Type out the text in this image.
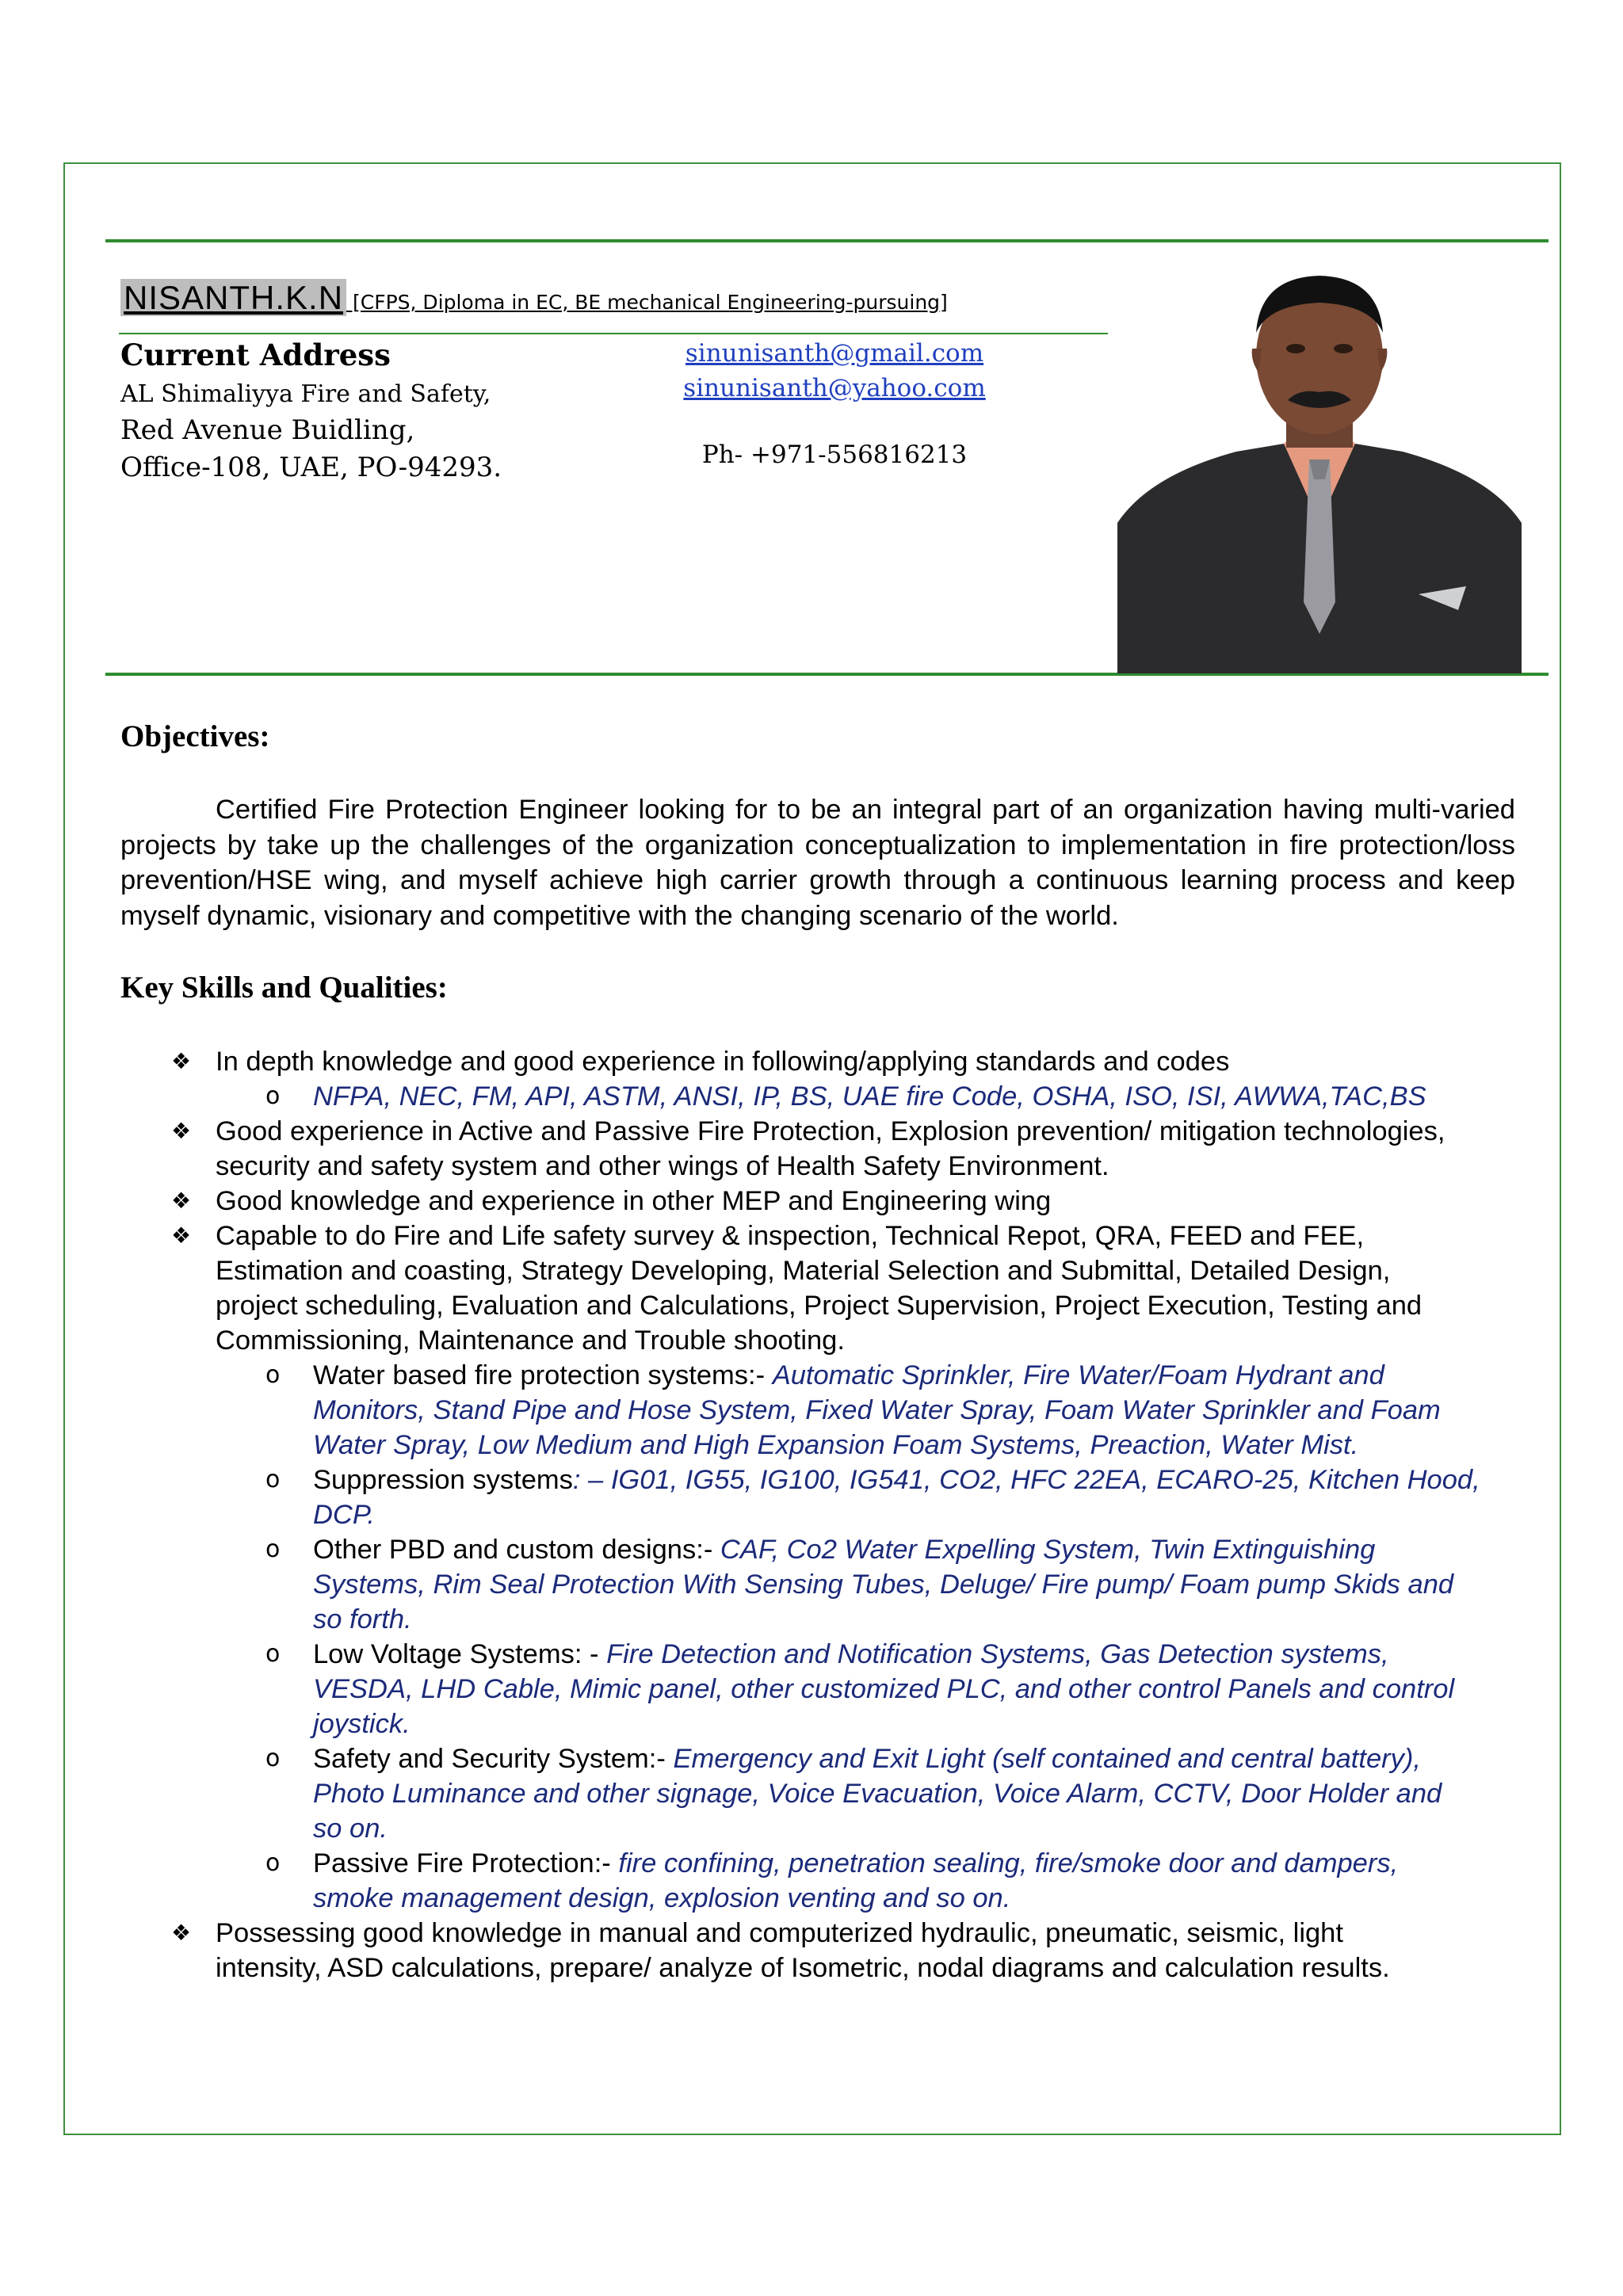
NISANTH.K.N [CFPS, Diploma in EC, BE mechanical Engineering-pursuing]
Current Address
AL Shimaliyya Fire and Safety,
Red Avenue Buidling,
Office-108, UAE, PO-94293.
sinunisanth@gmail.com
sinunisanth@yahoo.com
Ph- +971-556816213
Objectives:
Certified Fire Protection Engineer looking for to be an integral part of an organization having multi-varied projects by take up the challenges of the organization conceptualization to implementation in fire protection/loss prevention/HSE wing, and myself achieve high carrier growth through a continuous learning process and keep myself dynamic, visionary and competitive with the changing scenario of the world.
Key Skills and Qualities:
❖ In depth knowledge and good experience in following/applying standards and codes
o NFPA, NEC, FM, API, ASTM, ANSI, IP, BS, UAE fire Code, OSHA, ISO, ISI, AWWA,TAC,BS
❖ Good experience in Active and Passive Fire Protection, Explosion prevention/ mitigation technologies,
security and safety system and other wings of Health Safety Environment.
❖ Good knowledge and experience in other MEP and Engineering wing
❖ Capable to do Fire and Life safety survey & inspection, Technical Repot, QRA, FEED and FEE,
Estimation and coasting, Strategy Developing, Material Selection and Submittal, Detailed Design,
project scheduling, Evaluation and Calculations, Project Supervision, Project Execution, Testing and
Commissioning, Maintenance and Trouble shooting.
o Water based fire protection systems:- Automatic Sprinkler, Fire Water/Foam Hydrant and
Monitors, Stand Pipe and Hose System, Fixed Water Spray, Foam Water Sprinkler and Foam
Water Spray, Low Medium and High Expansion Foam Systems, Preaction, Water Mist.
o Suppression systems: – IG01, IG55, IG100, IG541, CO2, HFC 22EA, ECARO-25, Kitchen Hood,
DCP.
o Other PBD and custom designs:- CAF, Co2 Water Expelling System, Twin Extinguishing
Systems, Rim Seal Protection With Sensing Tubes, Deluge/ Fire pump/ Foam pump Skids and
so forth.
o Low Voltage Systems: - Fire Detection and Notification Systems, Gas Detection systems,
VESDA, LHD Cable, Mimic panel, other customized PLC, and other control Panels and control
joystick.
o Safety and Security System:- Emergency and Exit Light (self contained and central battery),
Photo Luminance and other signage, Voice Evacuation, Voice Alarm, CCTV, Door Holder and
so on.
o Passive Fire Protection:- fire confining, penetration sealing, fire/smoke door and dampers,
smoke management design, explosion venting and so on.
❖ Possessing good knowledge in manual and computerized hydraulic, pneumatic, seismic, light
intensity, ASD calculations, prepare/ analyze of Isometric, nodal diagrams and calculation results.
